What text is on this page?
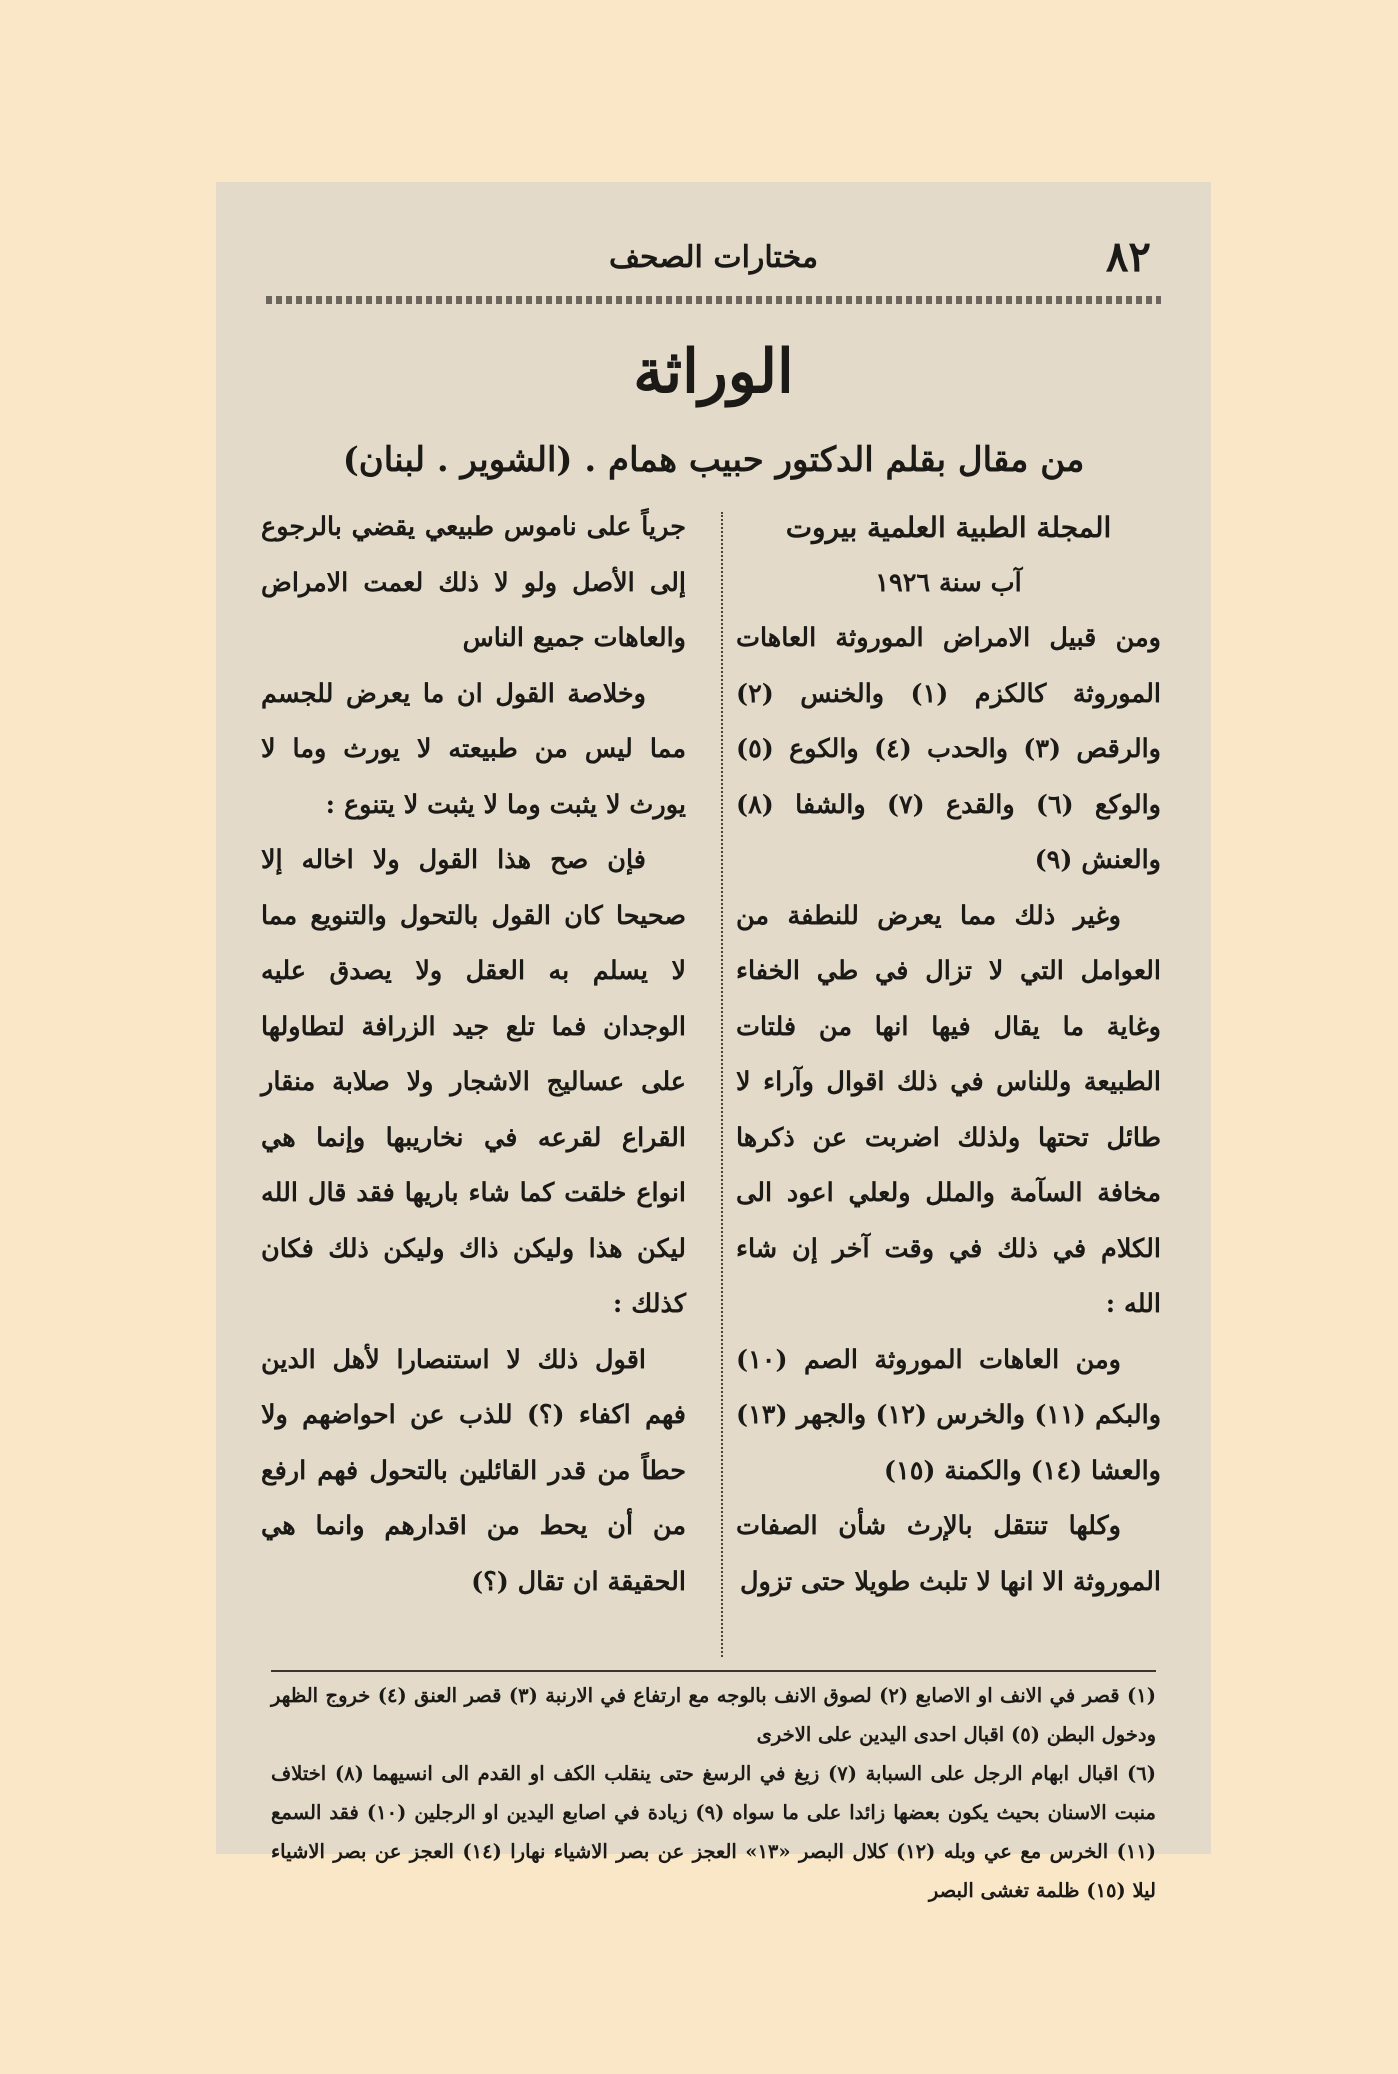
٨٢
مختارات الصحف
الوراثة
من مقال بقلم الدكتور حبيب همام . (الشوير . لبنان)

المجلة الطبية العلمية بيروت

آب سنة ١٩٢٦

ومن قبيل الامراض الموروثة العاهات الموروثة كالكزم (١) والخنس (٢) والرقص (٣) والحدب (٤) والكوع (٥) والوكع (٦) والقدع (٧) والشفا (٨) والعنش (٩)

وغير ذلك مما يعرض للنطفة من العوامل التي لا تزال في طي الخفاء وغاية ما يقال فيها انها من فلتات الطبيعة وللناس في ذلك اقوال وآراء لا طائل تحتها ولذلك اضربت عن ذكرها مخافة السآمة والملل ولعلي اعود الى الكلام في ذلك في وقت آخر إن شاء الله :

ومن العاهات الموروثة الصم (١٠) والبكم (١١) والخرس (١٢) والجهر (١٣) والعشا (١٤) والكمنة (١٥)

وكلها تنتقل بالإرث شأن الصفات الموروثة الا انها لا تلبث طويلا حتى تزول

جرياً على ناموس طبيعي يقضي بالرجوع إلى الأصل ولو لا ذلك لعمت الامراض والعاهات جميع الناس

وخلاصة القول ان ما يعرض للجسم مما ليس من طبيعته لا يورث وما لا يورث لا يثبت وما لا يثبت لا يتنوع :

فإن صح هذا القول ولا اخاله إلا صحيحا كان القول بالتحول والتنويع مما لا يسلم به العقل ولا يصدق عليه الوجدان فما تلع جيد الزرافة لتطاولها على عساليج الاشجار ولا صلابة منقار القراع لقرعه في نخاريبها وإنما هي انواع خلقت كما شاء باريها فقد قال الله ليكن هذا وليكن ذاك وليكن ذلك فكان كذلك :

اقول ذلك لا استنصارا لأهل الدين فهم اكفاء (؟) للذب عن احواضهم ولا حطاً من قدر القائلين بالتحول فهم ارفع من أن يحط من اقدارهم وانما هي الحقيقة ان تقال (؟)

(١) قصر في الانف او الاصابع (٢) لصوق الانف بالوجه مع ارتفاع في الارنبة (٣) قصر العنق (٤) خروج الظهر ودخول البطن (٥) اقبال احدى اليدين على الاخرى

(٦) اقبال ابهام الرجل على السبابة (٧) زيغ في الرسغ حتى ينقلب الكف او القدم الى انسيهما (٨) اختلاف منبت الاسنان بحيث يكون بعضها زائدا على ما سواه (٩) زيادة في اصابع اليدين او الرجلين (١٠) فقد السمع (١١) الخرس مع عي وبله (١٢) كلال البصر «١٣» العجز عن بصر الاشياء نهارا (١٤) العجز عن بصر الاشياء ليلا (١٥) ظلمة تغشى البصر
